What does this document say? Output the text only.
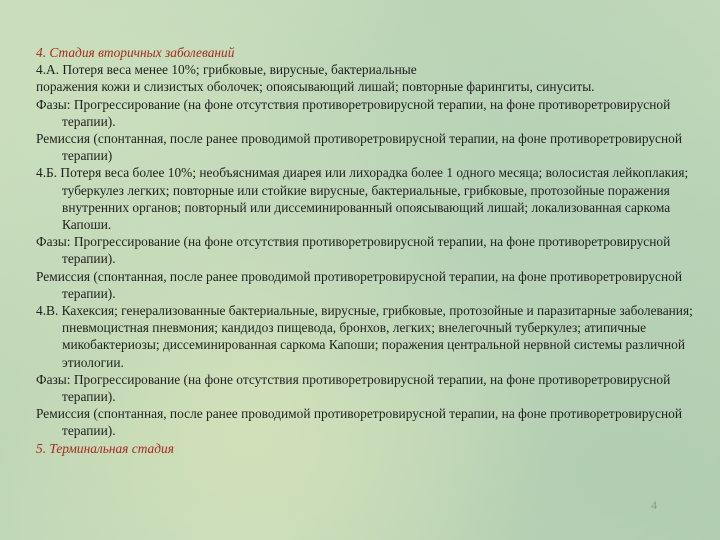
4. Стадия вторичных заболеваний

4.А. Потеря веса менее 10%; грибковые, вирусные, бактериальные

поражения кожи и слизистых оболочек; опоясывающий лишай; повторные фарингиты, синуситы.

Фазы: Прогрессирование (на фоне отсутствия противоретровирусной терапии, на фоне противоретровирусной терапии).

Ремиссия (спонтанная, после ранее проводимой противоретровирусной терапии, на фоне противоретровирусной терапии)

4.Б. Потеря веса более 10%; необъяснимая диарея или лихорадка более 1 одного месяца; волосистая лейкоплакия; туберкулез легких; повторные или стойкие вирусные, бактериальные, грибковые, протозойные поражения внутренних органов; повторный или диссеминированный опоясывающий лишай; локализованная саркома Капоши.

Фазы: Прогрессирование (на фоне отсутствия противоретровирусной терапии, на фоне противоретровирусной терапии).

Ремиссия (спонтанная, после ранее проводимой противоретровирусной терапии, на фоне противоретровирусной терапии).

4.В. Кахексия; генерализованные бактериальные, вирусные, грибковые, протозойные и паразитарные заболевания; пневмоцистная пневмония; кандидоз пищевода, бронхов, легких; внелегочный туберкулез; атипичные микобактериозы; диссеминированная саркома Капоши; поражения центральной нервной системы различной этиологии.

Фазы: Прогрессирование (на фоне отсутствия противоретровирусной терапии, на фоне противоретровирусной терапии).

Ремиссия (спонтанная, после ранее проводимой противоретровирусной терапии, на фоне противоретровирусной терапии).

5. Терминальная стадия

4
